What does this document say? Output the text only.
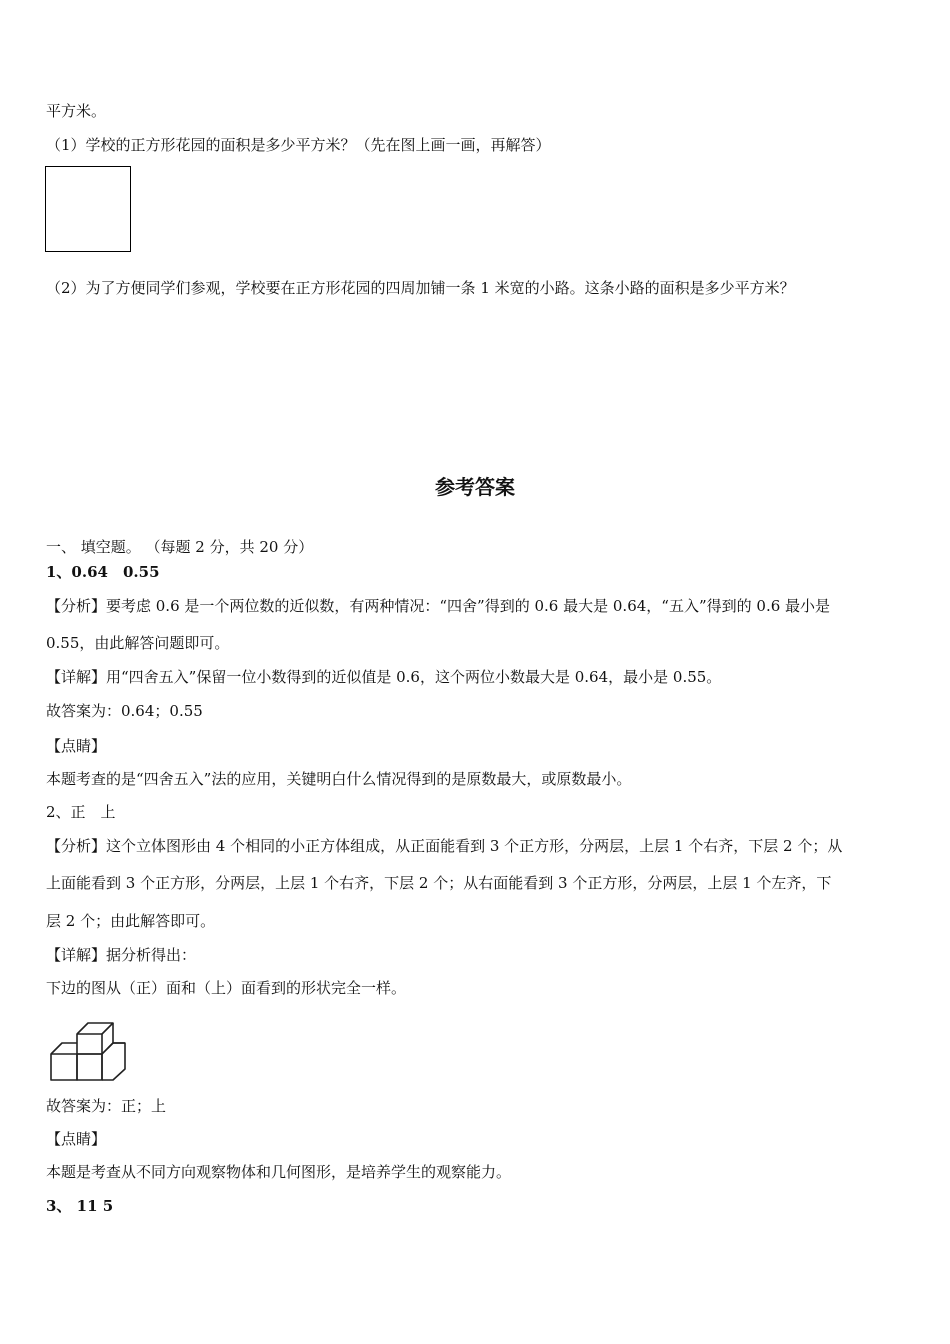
平方米。
（1）学校的正方形花园的面积是多少平方米？（先在图上画一画，再解答）
（2）为了方便同学们参观，学校要在正方形花园的四周加铺一条 1 米宽的小路。这条小路的面积是多少平方米？
参考答案
一、 填空题。 （每题 2 分，共 20 分）
1、0.64　0.55
【分析】要考虑 0.6 是一个两位数的近似数，有两种情况：“四舍”得到的 0.6 最大是 0.64，“五入”得到的 0.6 最小是
0.55，由此解答问题即可。
【详解】用“四舍五入”保留一位小数得到的近似值是 0.6，这个两位小数最大是 0.64，最小是 0.55。
故答案为：0.64；0.55
【点睛】
本题考查的是“四舍五入”法的应用，关键明白什么情况得到的是原数最大，或原数最小。
2、正　上
【分析】这个立体图形由 4 个相同的小正方体组成，从正面能看到 3 个正方形，分两层，上层 1 个右齐，下层 2 个；从
上面能看到 3 个正方形，分两层，上层 1 个右齐，下层 2 个；从右面能看到 3 个正方形，分两层，上层 1 个左齐，下
层 2 个；由此解答即可。
【详解】据分析得出：
下边的图从（正）面和（上）面看到的形状完全一样。
故答案为：正；上
【点睛】
本题是考查从不同方向观察物体和几何图形，是培养学生的观察能力。
3、 11 5
